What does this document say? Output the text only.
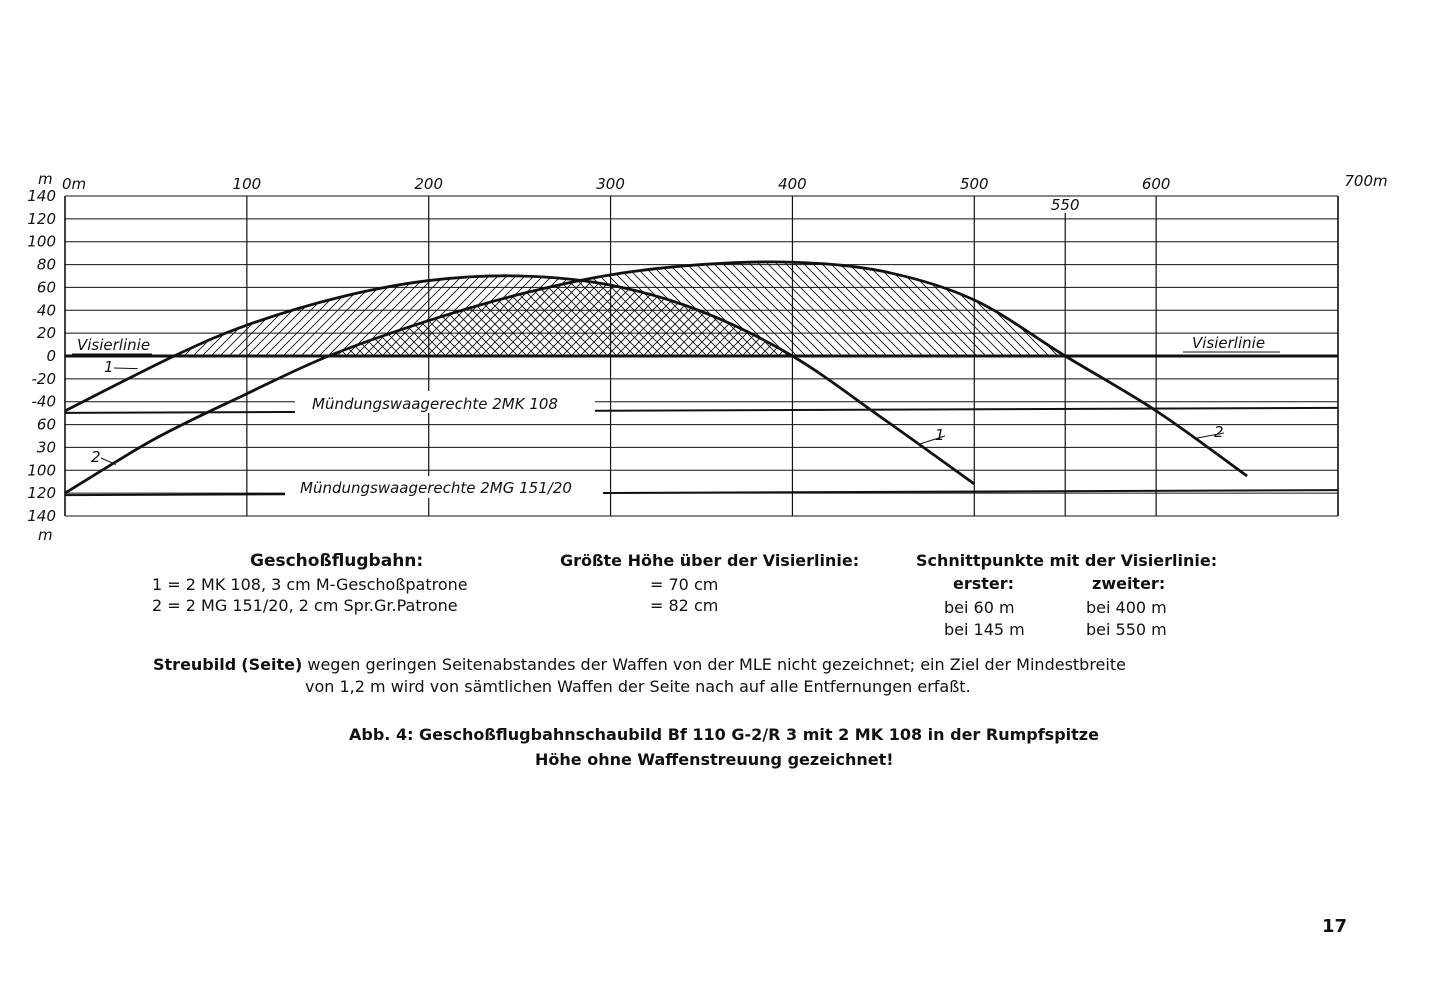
Mündungswaagerechte 2MK 108
Mündungswaagerechte 2MG 151/20
140
120
100
80
60
40
20
0
-20
-40
60
30
100
120
140
550
0m	100	200	300	400	500	600	700m
m
m
1
2
1	2
Visierlinie	Visierlinie
Geschoßflugbahn:
1 = 2 MK 108, 3 cm M-Geschoßpatrone
2 = 2 MG 151/20, 2 cm Spr.Gr.Patrone
Größte Höhe über der Visierlinie:
= 70 cm
= 82 cm
Schnittpunkte mit der Visierlinie:
erster:	zweiter:
bei 60 m	bei 400 m
bei 145 m	bei 550 m
Streubild (Seite) wegen geringen Seitenabstandes der Waffen von der MLE nicht gezeichnet; ein Ziel der Mindestbreite
von 1,2 m wird von sämtlichen Waffen der Seite nach auf alle Entfernungen erfaßt.
Abb. 4: Geschoßflugbahnschaubild Bf 110 G-2/R 3 mit 2 MK 108 in der Rumpfspitze
Höhe ohne Waffenstreuung gezeichnet!
17
